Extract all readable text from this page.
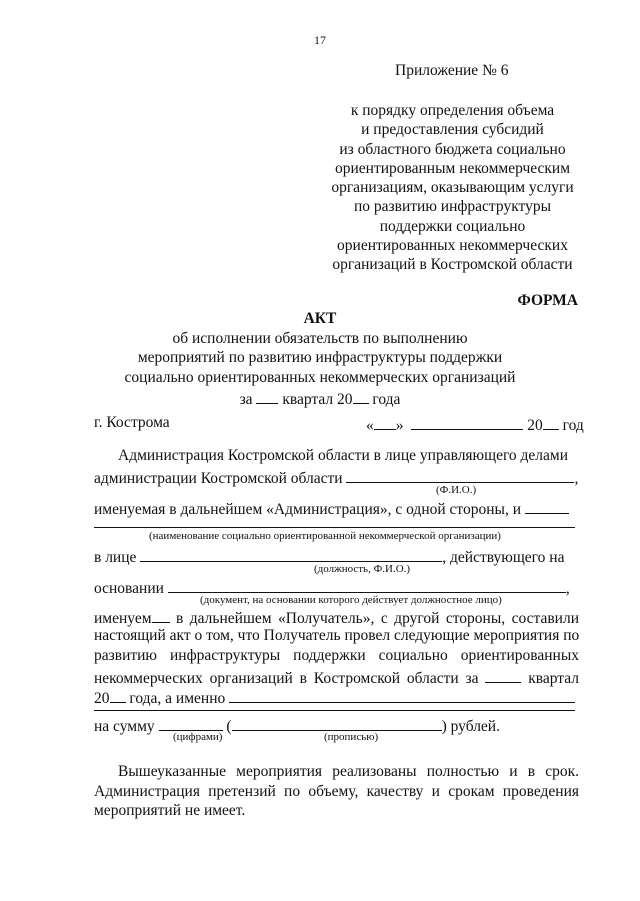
17
Приложение № 6
к порядку определения объема
и предоставления субсидий
из областного бюджета социально
ориентированным некоммерческим
организациям, оказывающим услуги
по развитию инфраструктуры
поддержки социально
ориентированных некоммерческих
организаций в Костромской области
ФОРМА
АКТ
об исполнении обязательств по выполнению
мероприятий по развитию инфраструктуры поддержки
социально ориентированных некоммерческих организаций
за квартал 20 года
г. Кострома	« »	20 год
Администрация Костромской области в лице управляющего делами
администрации Костромской области	,
(Ф.И.О.)
именуемая в дальнейшем «Администрация», с одной стороны, и
(наименование социально ориентированной некоммерческой организации)
в лице	, действующего на
(должность, Ф.И.О.)
основании	,
(документ, на основании которого действует должностное лицо)
именуем в дальнейшем «Получатель», с другой стороны, составили
настоящий акт о том, что Получатель провел следующие мероприятия по
развитию инфраструктуры поддержки социально ориентированных
некоммерческих организаций в Костромской области за	квартал
20 года, а именно
на сумму	(	) рублей.
(цифрами)	(прописью)
Вышеуказанные мероприятия реализованы полностью и в срок. Администрация претензий по объему, качеству и срокам проведения мероприятий не имеет.
